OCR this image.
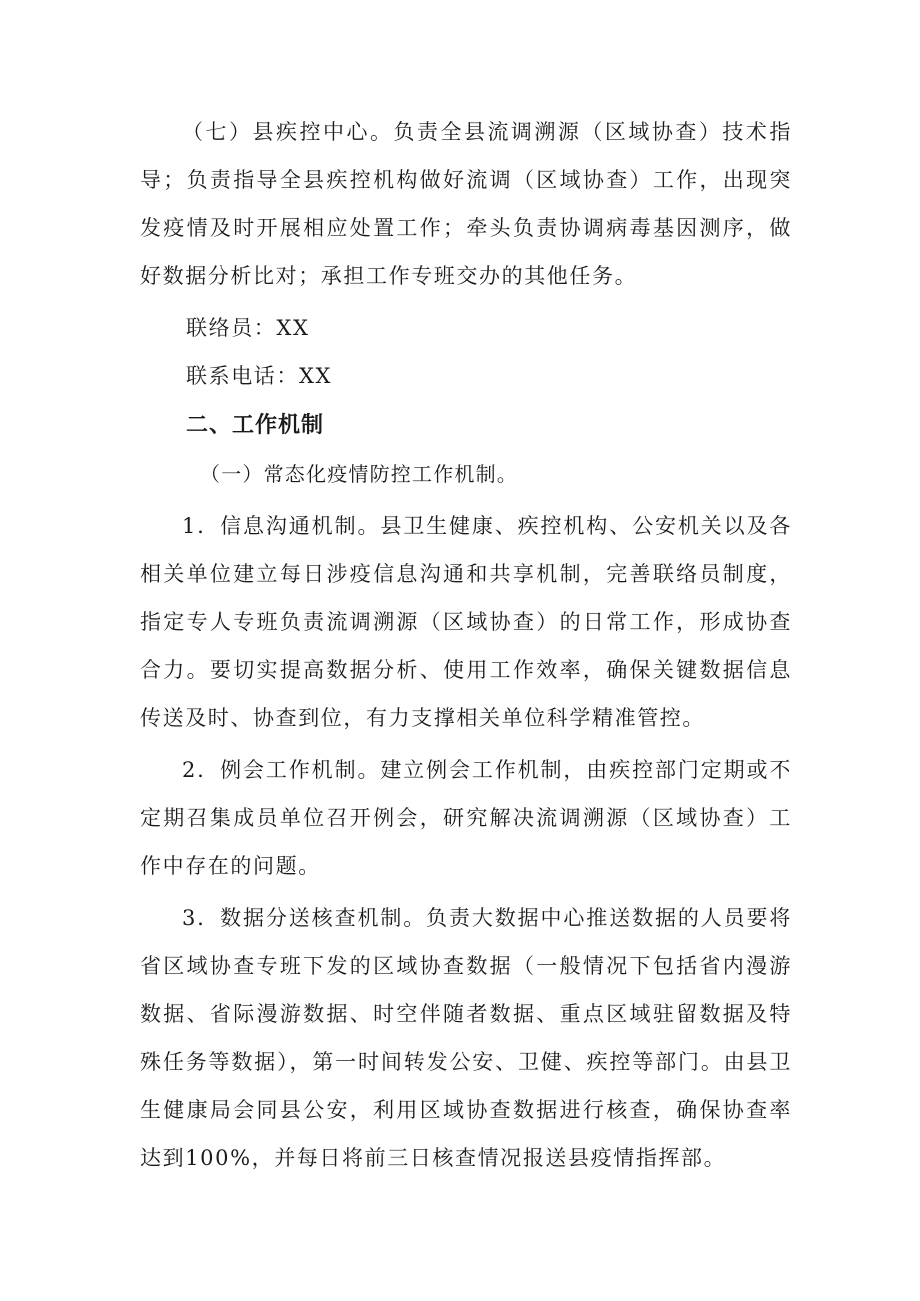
（七）县疾控中心。负责全县流调溯源（区域协查）技术指导；负责指导全县疾控机构做好流调（区域协查）工作，出现突发疫情及时开展相应处置工作；牵头负责协调病毒基因测序，做好数据分析比对；承担工作专班交办的其他任务。

联络员：XX

联系电话：XX

二、工作机制

（一）常态化疫情防控工作机制。

1．信息沟通机制。县卫生健康、疾控机构、公安机关以及各相关单位建立每日涉疫信息沟通和共享机制，完善联络员制度，指定专人专班负责流调溯源（区域协查）的日常工作，形成协查合力。要切实提高数据分析、使用工作效率，确保关键数据信息传送及时、协查到位，有力支撑相关单位科学精准管控。

2．例会工作机制。建立例会工作机制，由疾控部门定期或不定期召集成员单位召开例会，研究解决流调溯源（区域协查）工作中存在的问题。

3．数据分送核查机制。负责大数据中心推送数据的人员要将省区域协查专班下发的区域协查数据（一般情况下包括省内漫游数据、省际漫游数据、时空伴随者数据、重点区域驻留数据及特殊任务等数据），第一时间转发公安、卫健、疾控等部门。由县卫生健康局会同县公安，利用区域协查数据进行核查，确保协查率达到100%，并每日将前三日核查情况报送县疫情指挥部。
